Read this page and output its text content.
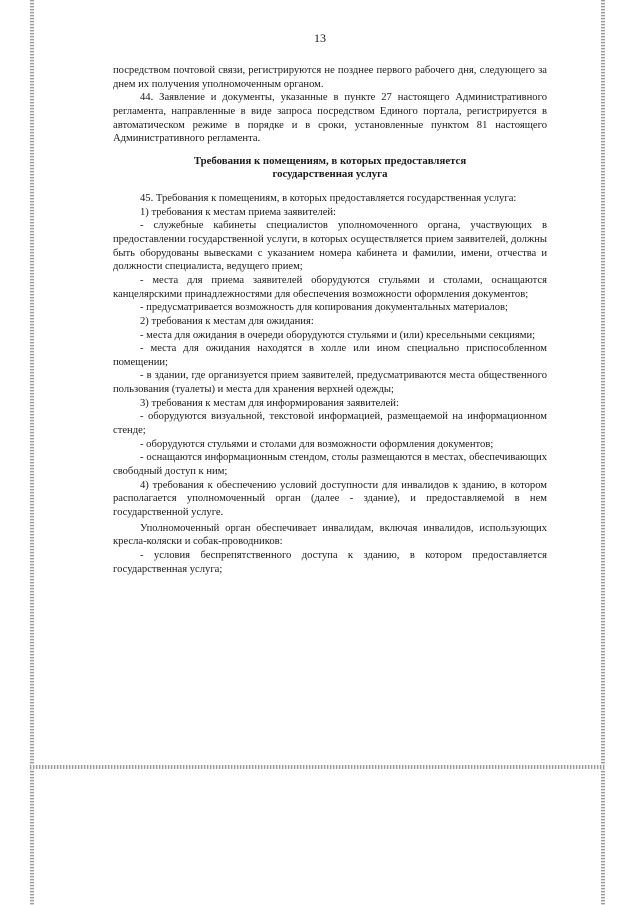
13

посредством почтовой связи, регистрируются не позднее первого рабочего дня, следующего за днем их получения уполномоченным органом.

44. Заявление и документы, указанные в пункте 27 настоящего Административного регламента, направленные в виде запроса посредством Единого портала, регистрируется в автоматическом режиме в порядке и в сроки, установленные пунктом 81 настоящего Административного регламента.

Требования к помещениям, в которых предоставляется
государственная услуга

45. Требования к помещениям, в которых предоставляется государственная услуга:

1) требования к местам приема заявителей:

- служебные кабинеты специалистов уполномоченного органа, участвующих в предоставлении государственной услуги, в которых осуществляется прием заявителей, должны быть оборудованы вывесками с указанием номера кабинета и фамилии, имени, отчества и должности специалиста, ведущего прием;

- места для приема заявителей оборудуются стульями и столами, оснащаются канцелярскими принадлежностями для обеспечения возможности оформления документов;

- предусматривается возможность для копирования документальных материалов;

2) требования к местам для ожидания:

- места для ожидания в очереди оборудуются стульями и (или) кресельными секциями;

- места для ожидания находятся в холле или ином специально приспособленном помещении;

- в здании, где организуется прием заявителей, предусматриваются места общественного пользования (туалеты) и места для хранения верхней одежды;

3) требования к местам для информирования заявителей:

- оборудуются визуальной, текстовой информацией, размещаемой на информационном стенде;

- оборудуются стульями и столами для возможности оформления документов;

- оснащаются информационным стендом, столы размещаются в местах, обеспечивающих свободный доступ к ним;

4) требования к обеспечению условий доступности для инвалидов к зданию, в котором располагается уполномоченный орган (далее - здание), и предоставляемой в нем государственной услуге.

Уполномоченный орган обеспечивает инвалидам, включая инвалидов, использующих кресла-коляски и собак-проводников:

- условия беспрепятственного доступа к зданию, в котором предоставляется государственная услуга;
